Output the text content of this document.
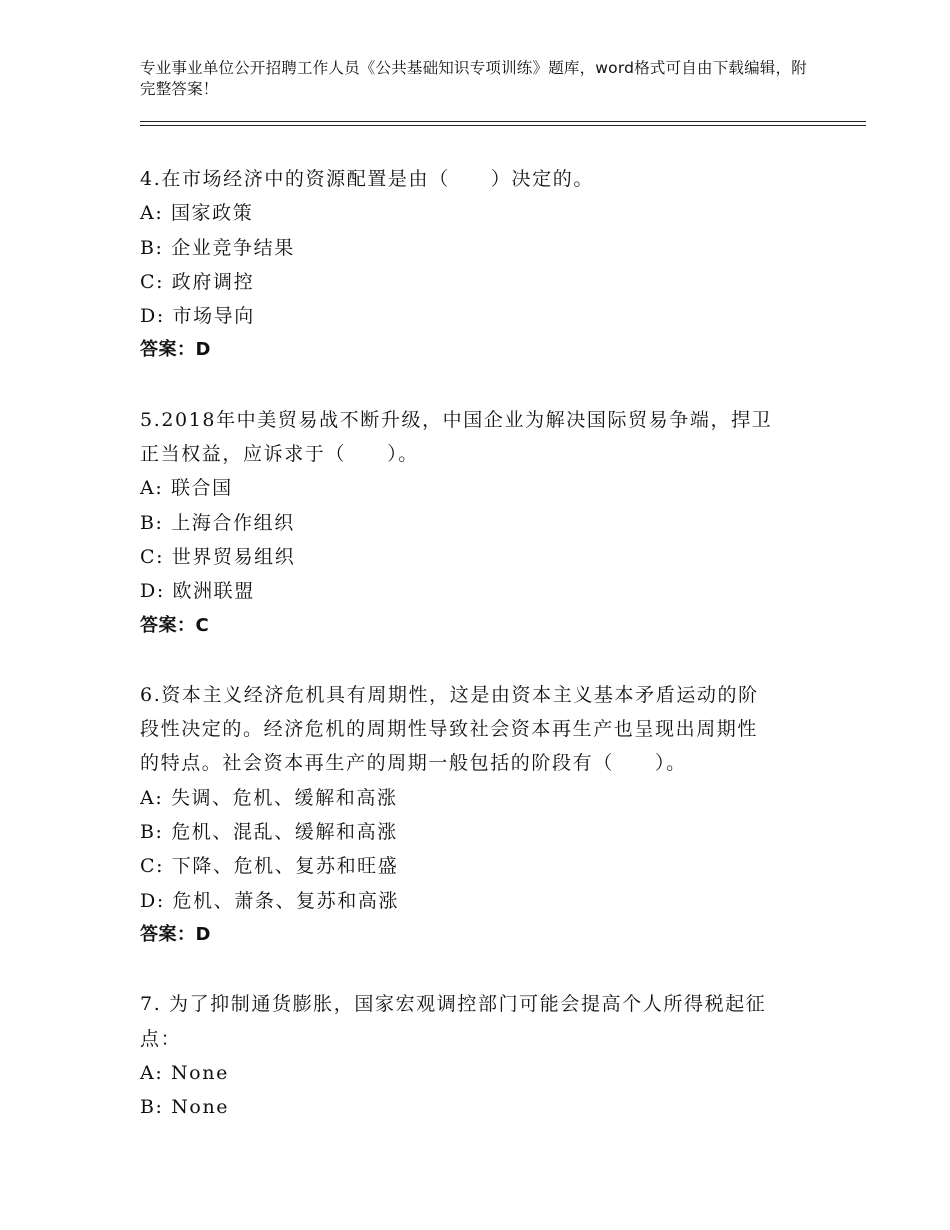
专业事业单位公开招聘工作人员《公共基础知识专项训练》题库，word格式可自由下载编辑，附完整答案！
4.在市场经济中的资源配置是由（　　）决定的。
A: 国家政策
B: 企业竞争结果
C: 政府调控
D: 市场导向
答案：D
5.2018年中美贸易战不断升级，中国企业为解决国际贸易争端，捍卫
正当权益，应诉求于（　　）。
A: 联合国
B: 上海合作组织
C: 世界贸易组织
D: 欧洲联盟
答案：C
6.资本主义经济危机具有周期性，这是由资本主义基本矛盾运动的阶
段性决定的。经济危机的周期性导致社会资本再生产也呈现出周期性
的特点。社会资本再生产的周期一般包括的阶段有（　　）。
A: 失调、危机、缓解和高涨
B: 危机、混乱、缓解和高涨
C: 下降、危机、复苏和旺盛
D: 危机、萧条、复苏和高涨
答案：D
7. 为了抑制通货膨胀，国家宏观调控部门可能会提高个人所得税起征
点：
A: None
B: None
